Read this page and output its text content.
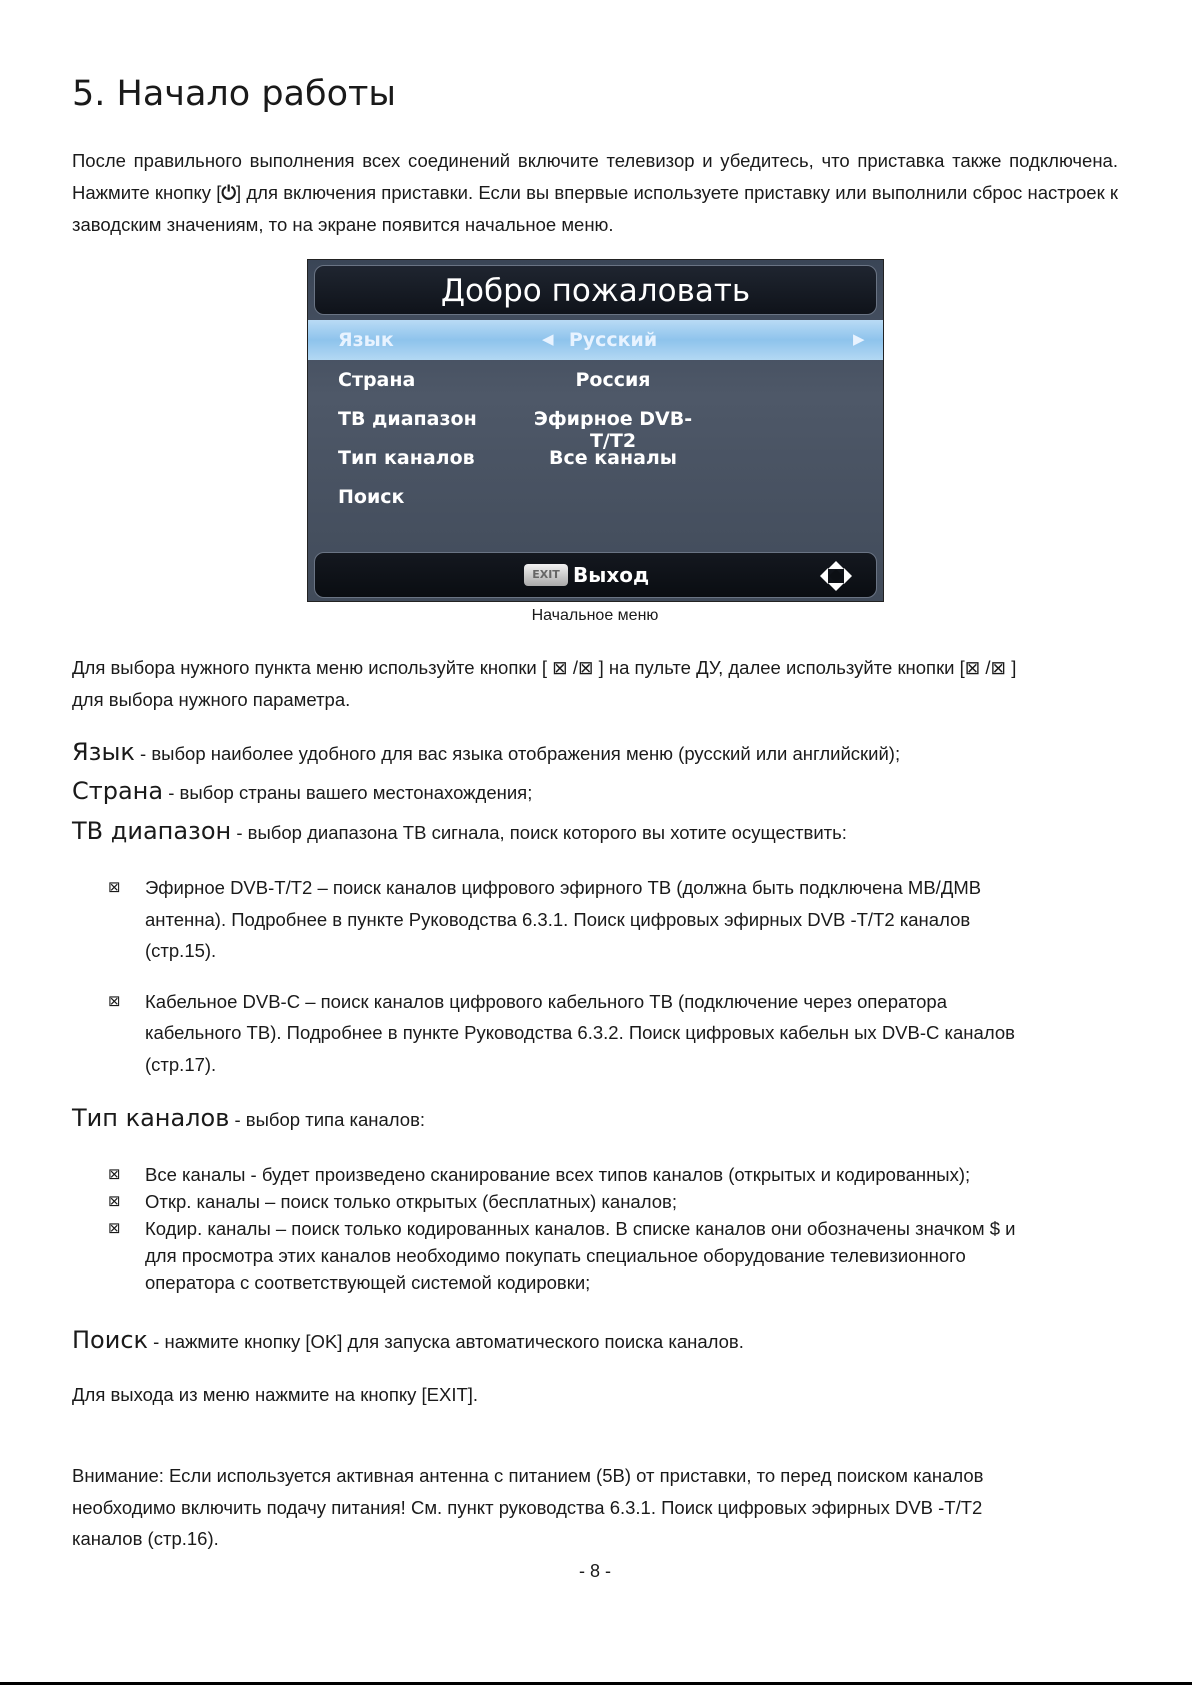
5. Начало работы

После правильного выполнения всех соединений включите телевизор и убедитесь, что приставка также подключена. Нажмите кнопку [⏻] для включения приставки. Если вы впервые используете приставку или выполнили сброс настроек к заводским значениям, то на экране появится начальное меню.

Добро пожаловать
Язык	◀ Русский	▶
Страна	Россия
ТВ диапазон	Эфирное DVB-T/T2
Тип каналов	Все каналы
Поиск
EXIT Выход
Начальное меню

Для выбора нужного пункта меню используйте кнопки [ ⊠ /⊠ ] на пульте ДУ, далее используйте кнопки [⊠ /⊠ ]

для выбора нужного параметра.

Язык - выбор наиболее удобного для вас языка отображения меню (русский или английский);

Страна - выбор страны вашего местонахождения;

ТВ диапазон - выбор диапазона ТВ сигнала, поиск которого вы хотите осуществить:

⊠ Эфирное DVB-T/T2 – поиск каналов цифрового эфирного ТВ (должна быть подключена МВ/ДМВ
антенна). Подробнее в пункте Руководства 6.3.1. Поиск цифровых эфирных DVB -T/T2 каналов
(стр.15).
⊠ Кабельное DVB-C – поиск каналов цифрового кабельного ТВ (подключение через оператора
кабельного ТВ). Подробнее в пункте Руководства 6.3.2. Поиск цифровых кабельн ых DVB-C каналов
(стр.17).

Тип каналов - выбор типа каналов:

⊠ Все каналы - будет произведено сканирование всех типов каналов (открытых и кодированных);
⊠ Откр. каналы – поиск только открытых (бесплатных) каналов;
⊠ Кодир. каналы – поиск только кодированных каналов. В списке каналов они обозначены значком $ и
для просмотра этих каналов необходимо покупать специальное оборудование телевизионного
оператора с соответствующей системой кодировки;

Поиск - нажмите кнопку [OK] для запуска автоматического поиска каналов.

Для выхода из меню нажмите на кнопку [EXIT].

Внимание: Если используется активная антенна с питанием (5В) от приставки, то перед поиском каналов

необходимо включить подачу питания! См. пункт руководства 6.3.1. Поиск цифровых эфирных DVB -T/T2

каналов (стр.16).

- 8 -
